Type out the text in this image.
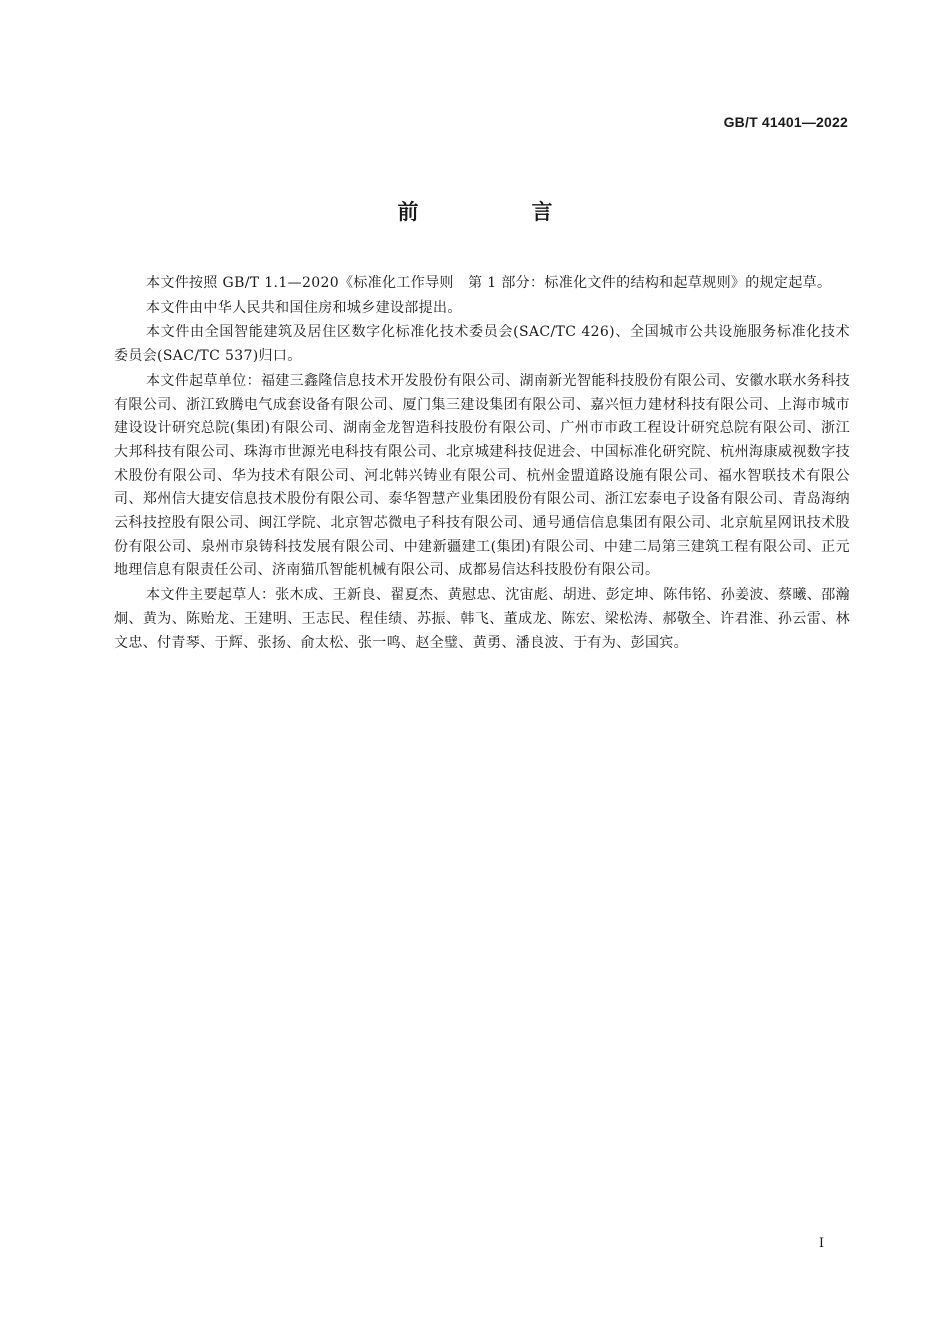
GB/T 41401—2022

前　言

本文件按照 GB/T 1.1—2020《标准化工作导则　第 1 部分：标准化文件的结构和起草规则》的规定起草。

本文件由中华人民共和国住房和城乡建设部提出。

本文件由全国智能建筑及居住区数字化标准化技术委员会(SAC/TC 426)、全国城市公共设施服务标准化技术委员会(SAC/TC 537)归口。

本文件起草单位：福建三鑫隆信息技术开发股份有限公司、湖南新光智能科技股份有限公司、安徽水联水务科技有限公司、浙江致腾电气成套设备有限公司、厦门集三建设集团有限公司、嘉兴恒力建材科技有限公司、上海市城市建设设计研究总院(集团)有限公司、湖南金龙智造科技股份有限公司、广州市市政工程设计研究总院有限公司、浙江大邦科技有限公司、珠海市世源光电科技有限公司、北京城建科技促进会、中国标准化研究院、杭州海康威视数字技术股份有限公司、华为技术有限公司、河北韩兴铸业有限公司、杭州金盟道路设施有限公司、福水智联技术有限公司、郑州信大捷安信息技术股份有限公司、泰华智慧产业集团股份有限公司、浙江宏泰电子设备有限公司、青岛海纳云科技控股有限公司、闽江学院、北京智芯微电子科技有限公司、通号通信信息集团有限公司、北京航星网讯技术股份有限公司、泉州市泉铸科技发展有限公司、中建新疆建工(集团)有限公司、中建二局第三建筑工程有限公司、正元地理信息有限责任公司、济南猫爪智能机械有限公司、成都易信达科技股份有限公司。

本文件主要起草人：张木成、王新良、翟夏杰、黄慰忠、沈宙彪、胡进、彭定坤、陈伟铭、孙姜波、蔡曦、邵瀚炯、黄为、陈贻龙、王建明、王志民、程佳绩、苏振、韩飞、董成龙、陈宏、梁松涛、郝敬全、许君淮、孙云雷、林文忠、付青琴、于辉、张扬、俞太松、张一鸣、赵全璧、黄勇、潘良波、于有为、彭国宾。

I
